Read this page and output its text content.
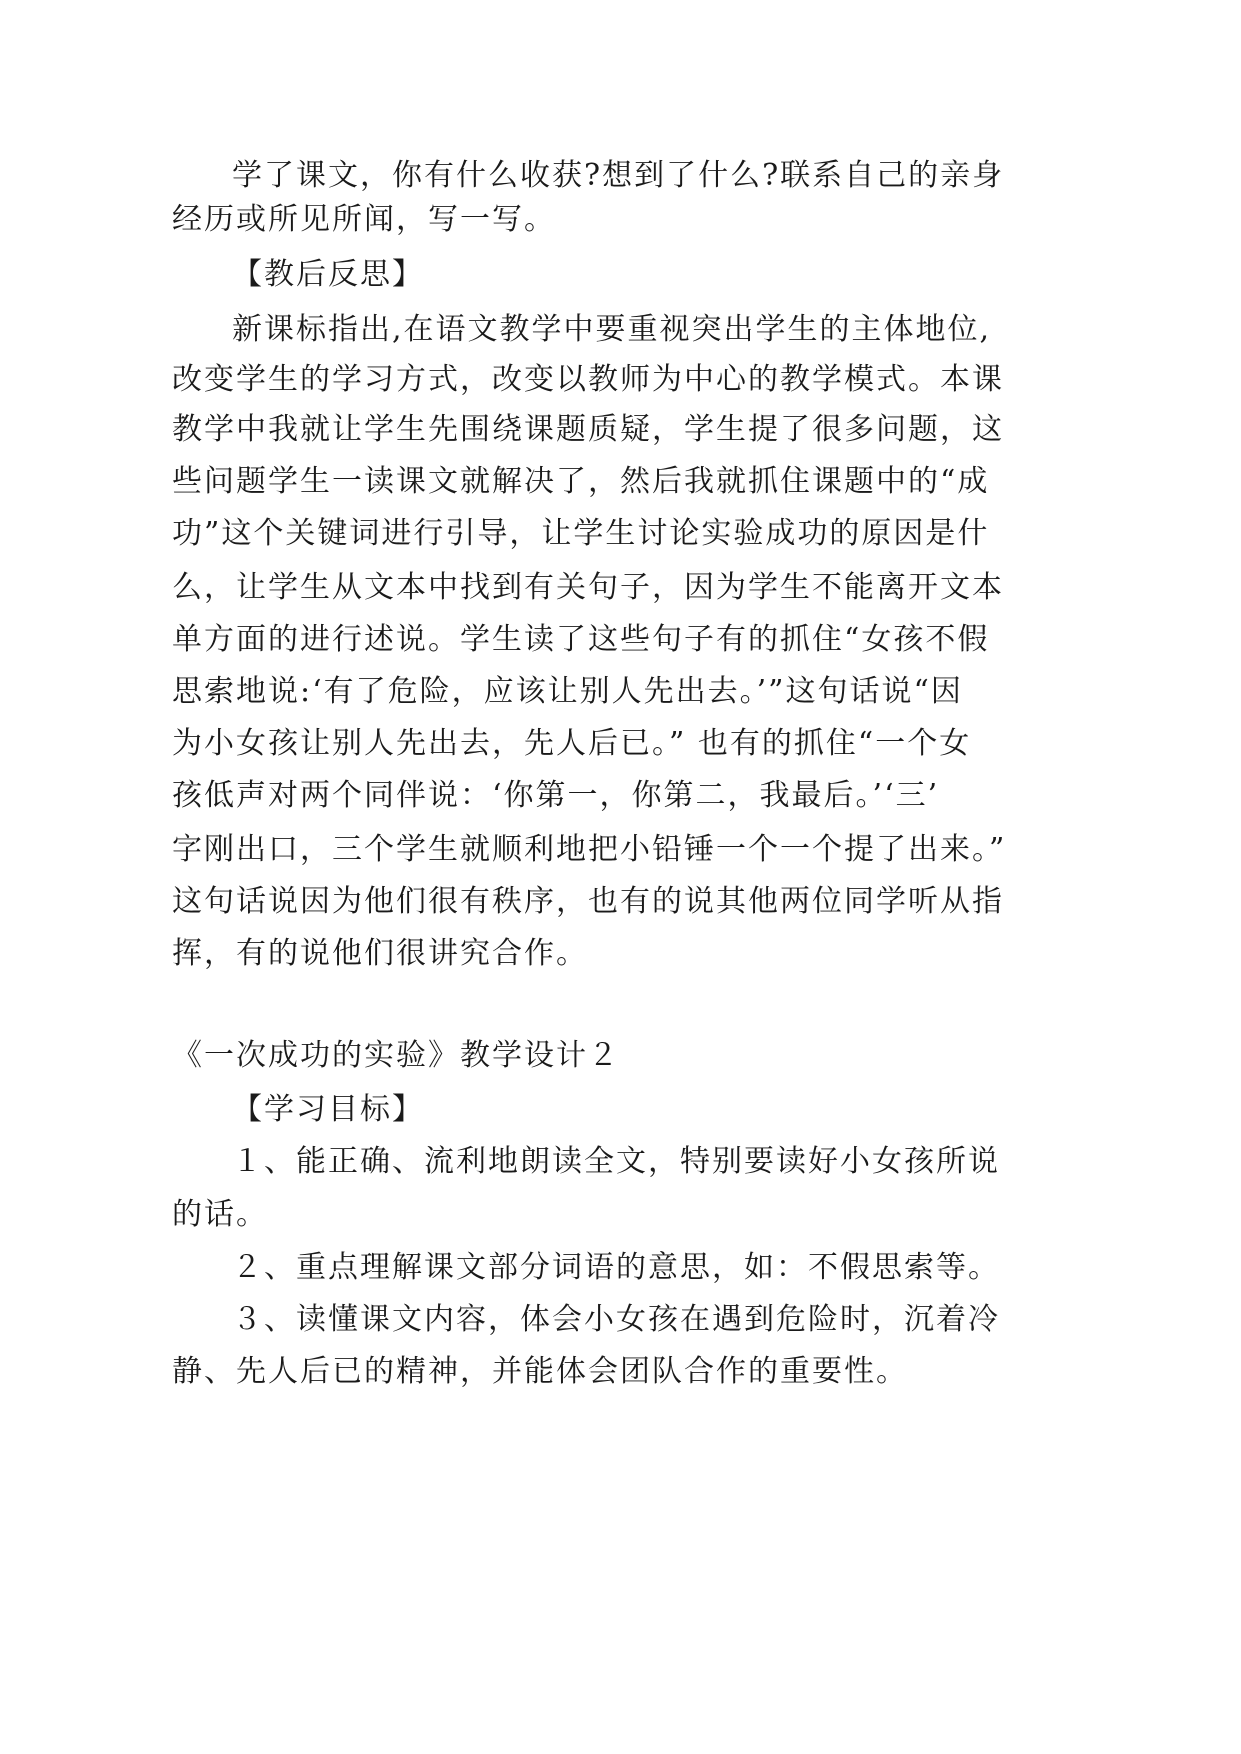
学了课文，你有什么收获?想到了什么?联系自己的亲身
经历或所见所闻，写一写。
【教后反思】
新课标指出,在语文教学中要重视突出学生的主体地位,
改变学生的学习方式，改变以教师为中心的教学模式。本课
教学中我就让学生先围绕课题质疑，学生提了很多问题，这
些问题学生一读课文就解决了，然后我就抓住课题中的“成
功”这个关键词进行引导，让学生讨论实验成功的原因是什
么，让学生从文本中找到有关句子，因为学生不能离开文本
单方面的进行述说。学生读了这些句子有的抓住“女孩不假
思索地说:‘有了危险，应该让别人先出去。’”这句话说“因
为小女孩让别人先出去，先人后已。” 也有的抓住“一个女
孩低声对两个同伴说：‘你第一，你第二，我最后。’‘三’
字刚出口，三个学生就顺利地把小铅锤一个一个提了出来。”
这句话说因为他们很有秩序，也有的说其他两位同学听从指
挥，有的说他们很讲究合作。
《一次成功的实验》教学设计２
【学习目标】
１、能正确、流利地朗读全文，特别要读好小女孩所说
的话。
２、重点理解课文部分词语的意思，如：不假思索等。
３、读懂课文内容，体会小女孩在遇到危险时，沉着冷
静、先人后已的精神，并能体会团队合作的重要性。
